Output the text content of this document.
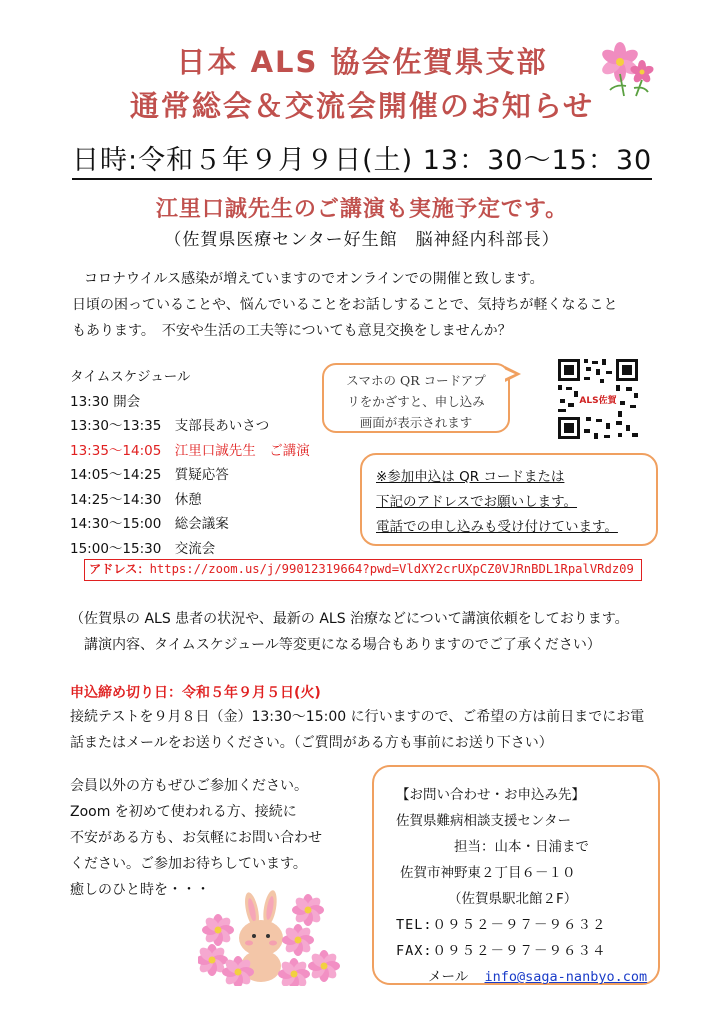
日本 ALS 協会佐賀県支部
通常総会＆交流会開催のお知らせ
日時:令和５年９月９日(土) 13：30～15：30
江里口誠先生のご講演も実施予定です。
（佐賀県医療センター好生館　脳神経内科部長）
コロナウイルス感染が増えていますのでオンラインでの開催と致します。
日頃の困っていることや、悩んでいることをお話しすることで、気持ちが軽くなること
もあります。　不安や生活の工夫等についても意見交換をしませんか？
タイムスケジュール
13:30 開会
13:30～13:35　支部長あいさつ
13:35～14:05　江里口誠先生　ご講演
14:05～14:25　質疑応答
14:25～14:30　休憩
14:30～15:00　総会議案
15:00～15:30　交流会
スマホの QR コードアプ
リをかざすと、申し込み
画面が表示されます
ALS佐賀
※参加申込は QR コードまたは
下記のアドレスでお願いします。
電話での申し込みも受け付けています。
アドレス：https://zoom.us/j/99012319664?pwd=VldXY2crUXpCZ0VJRnBDL1RpalVRdz09
（佐賀県の ALS 患者の状況や、最新の ALS 治療などについて講演依頼をしております。
講演内容、タイムスケジュール等変更になる場合もありますのでご了承ください）
申込締め切り日：令和５年９月５日(火)
接続テストを９月８日（金）13:30～15:00 に行いますので、ご希望の方は前日までにお電
話またはメールをお送りください。（ご質問がある方も事前にお送り下さい）
会員以外の方もぜひご参加ください。
Zoom を初めて使われる方、接続に
不安がある方も、お気軽にお問い合わせ
ください。ご参加お待ちしています。
癒しのひと時を・・・
【お問い合わせ・お申込み先】
佐賀県難病相談支援センター
担当：山本・日浦まで
佐賀市神野東２丁目６－１０
（佐賀県駅北館２F）
TEL:０９５２－９７－９６３２
FAX:０９５２－９７－９６３４
メール info@saga-nanbyo.com
